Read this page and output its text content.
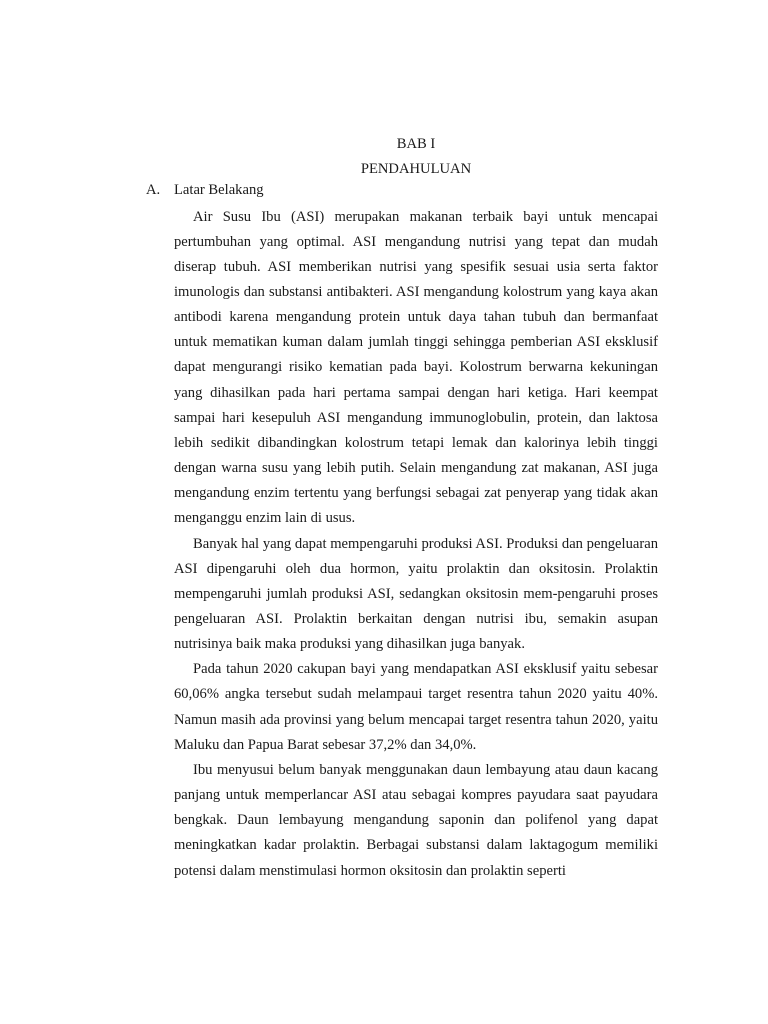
BAB I
PENDAHULUAN
A. Latar Belakang

Air Susu Ibu (ASI) merupakan makanan terbaik bayi untuk mencapai pertumbuhan yang optimal. ASI mengandung nutrisi yang tepat dan mudah diserap tubuh. ASI memberikan nutrisi yang spesifik sesuai usia serta faktor imunologis dan substansi antibakteri. ASI mengandung kolostrum yang kaya akan antibodi karena mengandung protein untuk daya tahan tubuh dan bermanfaat untuk mematikan kuman dalam jumlah tinggi sehingga pemberian ASI eksklusif dapat mengurangi risiko kematian pada bayi. Kolostrum berwarna kekuningan yang dihasilkan pada hari pertama sampai dengan hari ketiga. Hari keempat sampai hari kesepuluh ASI mengandung immunoglobulin, protein, dan laktosa lebih sedikit dibandingkan kolostrum tetapi lemak dan kalorinya lebih tinggi dengan warna susu yang lebih putih. Selain mengandung zat makanan, ASI juga mengandung enzim tertentu yang berfungsi sebagai zat penyerap yang tidak akan menganggu enzim lain di usus.

Banyak hal yang dapat mempengaruhi produksi ASI. Produksi dan pengeluaran ASI dipengaruhi oleh dua hormon, yaitu prolaktin dan oksitosin. Prolaktin mempengaruhi jumlah produksi ASI, sedangkan oksitosin mem-pengaruhi proses pengeluaran ASI. Prolaktin berkaitan dengan nutrisi ibu, semakin asupan nutrisinya baik maka produksi yang dihasilkan juga banyak.

Pada tahun 2020 cakupan bayi yang mendapatkan ASI eksklusif yaitu sebesar 60,06% angka tersebut sudah melampaui target resentra tahun 2020 yaitu 40%. Namun masih ada provinsi yang belum mencapai target resentra tahun 2020, yaitu Maluku dan Papua Barat sebesar 37,2% dan 34,0%.

Ibu menyusui belum banyak menggunakan daun lembayung atau daun kacang panjang untuk memperlancar ASI atau sebagai kompres payudara saat payudara bengkak. Daun lembayung mengandung saponin dan polifenol yang dapat meningkatkan kadar prolaktin. Berbagai substansi dalam laktagogum memiliki potensi dalam menstimulasi hormon oksitosin dan prolaktin seperti
